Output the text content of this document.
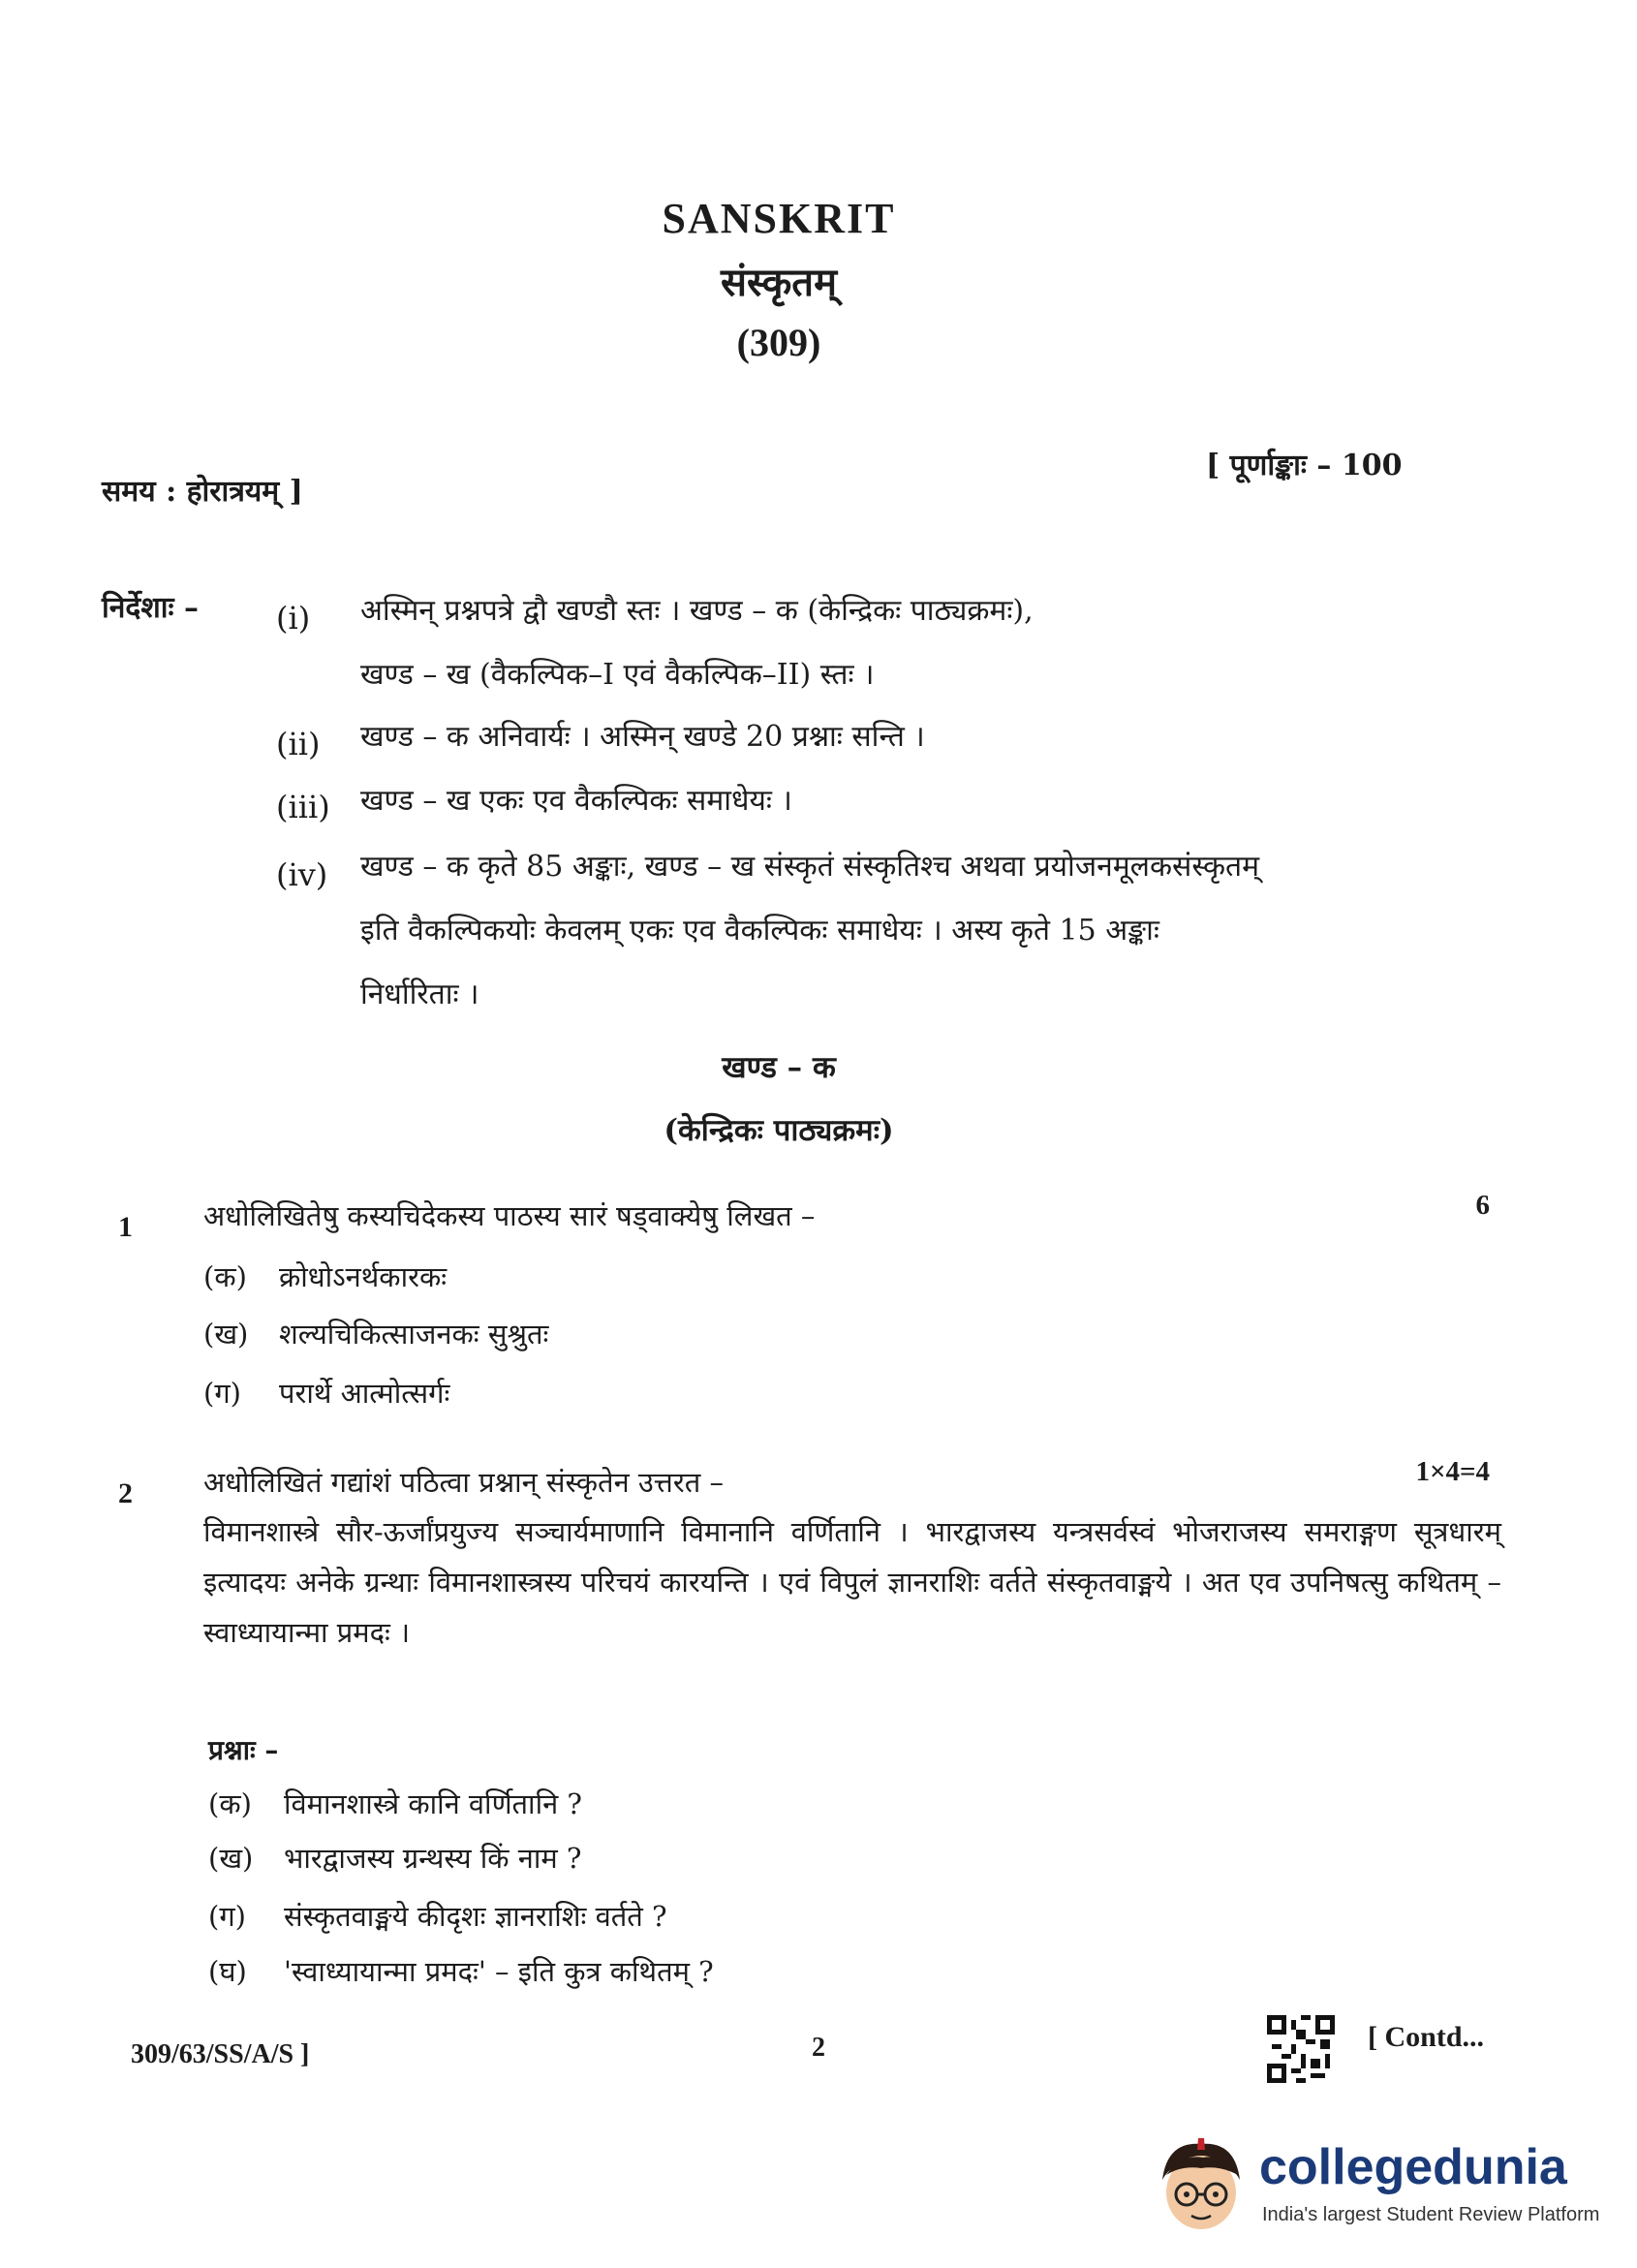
SANSKRIT
संस्कृतम्
(309)
समय : होरात्रयम् ]
[ पूर्णाङ्काः – 100
निर्देशाः – (i)	अस्मिन् प्रश्नपत्रे द्वौ खण्डौ स्तः । खण्ड – क (केन्द्रिकः पाठ्यक्रमः),
खण्ड – ख (वैकल्पिक–I एवं वैकल्पिक–II) स्तः ।
(ii)	खण्ड – क अनिवार्यः । अस्मिन् खण्डे 20 प्रश्नाः सन्ति ।
(iii)	खण्ड – ख एकः एव वैकल्पिकः समाधेयः ।
(iv)	खण्ड – क कृते 85 अङ्काः, खण्ड – ख संस्कृतं संस्कृतिश्च अथवा प्रयोजनमूलकसंस्कृतम्
इति वैकल्पिकयोः केवलम् एकः एव वैकल्पिकः समाधेयः । अस्य कृते 15 अङ्काः
निर्धारिताः ।
खण्ड – क
(केन्द्रिकः पाठ्यक्रमः)
1	अधोलिखितेषु कस्यचिदेकस्य पाठस्य सारं षड्वाक्येषु लिखत –	6
(क) क्रोधोऽनर्थकारकः
(ख) शल्यचिकित्साजनकः सुश्रुतः
(ग) परार्थे आत्मोत्सर्गः
2	अधोलिखितं गद्यांशं पठित्वा प्रश्नान् संस्कृतेन उत्तरत –	1×4=4
विमानशास्त्रे सौर-ऊर्जांप्रयुज्य सञ्चार्यमाणानि विमानानि वर्णितानि । भारद्वाजस्य यन्त्रसर्वस्वं भोजराजस्य समराङ्गण सूत्रधारम् इत्यादयः अनेके ग्रन्थाः विमानशास्त्रस्य परिचयं कारयन्ति । एवं विपुलं ज्ञानराशिः वर्तते संस्कृतवाङ्मये । अत एव उपनिषत्सु कथितम् – स्वाध्यायान्मा प्रमदः ।
प्रश्नाः –
(क) विमानशास्त्रे कानि वर्णितानि ?
(ख) भारद्वाजस्य ग्रन्थस्य किं नाम ?
(ग) संस्कृतवाङ्मये कीदृशः ज्ञानराशिः वर्तते ?
(घ) 'स्वाध्यायान्मा प्रमदः' – इति कुत्र कथितम् ?
309/63/SS/A/S ]	2	[ Contd...
collegedunia
India's largest Student Review Platform
